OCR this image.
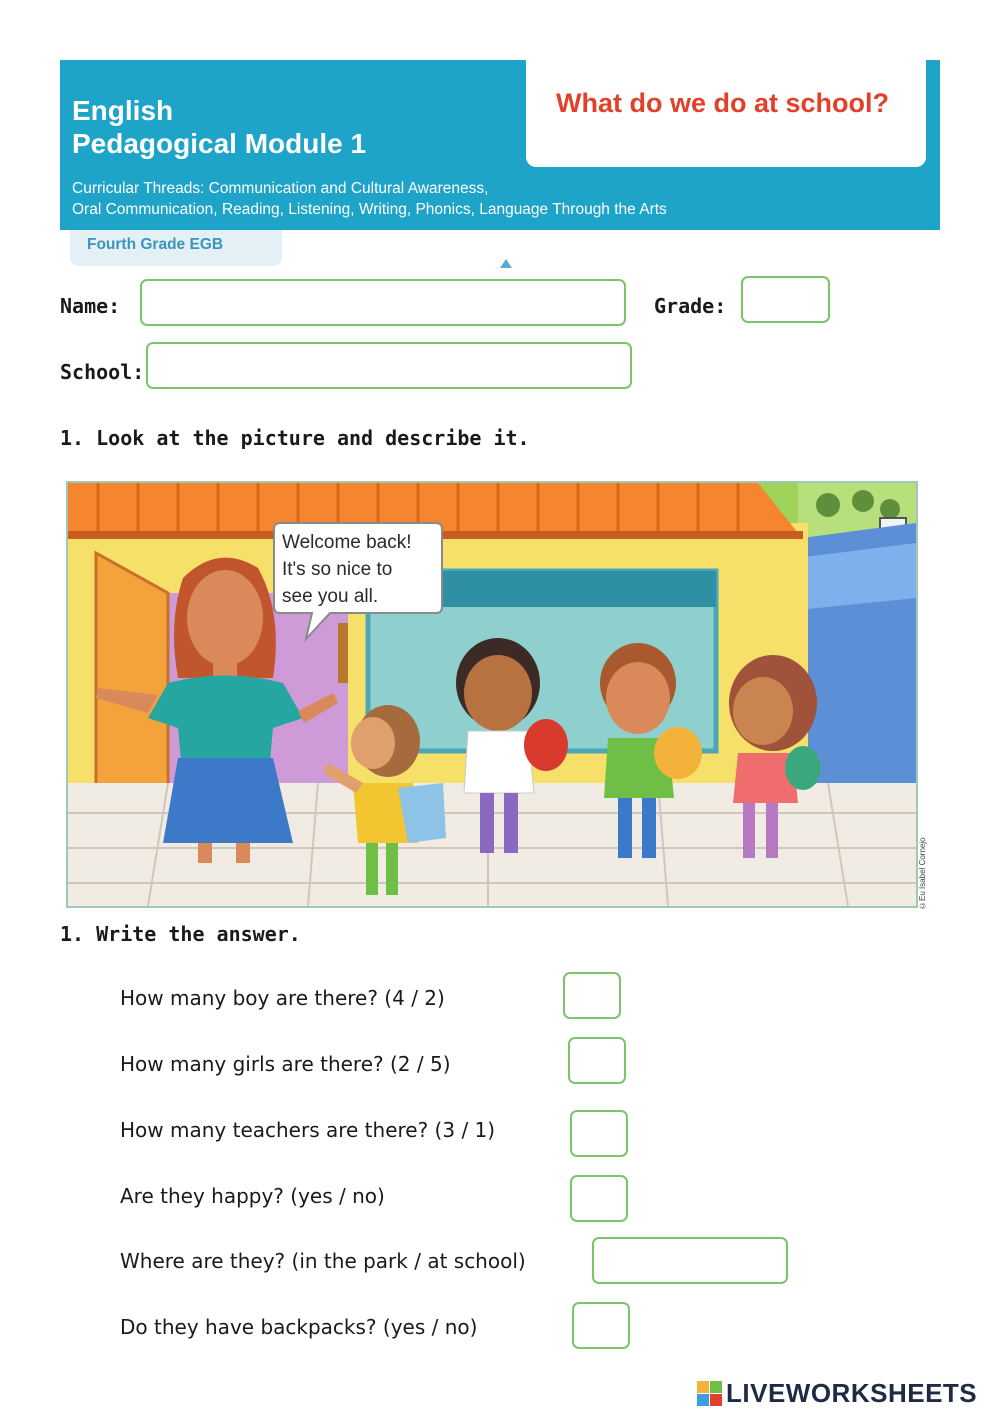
English
Pedagogical Module 1
What do we do at school?
Curricular Threads: Communication and Cultural Awareness,
Oral Communication, Reading, Listening, Writing, Phonics, Language Through the Arts
Fourth Grade EGB
Name:	Grade:
School:
1. Look at the picture and describe it.
Welcome back!
It's so nice to
see you all.
©Eu Isabel Cornejo
1. Write the answer.
How many boy are there? (4 / 2)
How many girls are there? (2 / 5)
How many teachers are there? (3 / 1)
Are they happy? (yes / no)
Where are they? (in the park / at school)
Do they have backpacks? (yes / no)
LIVEWORKSHEETS
